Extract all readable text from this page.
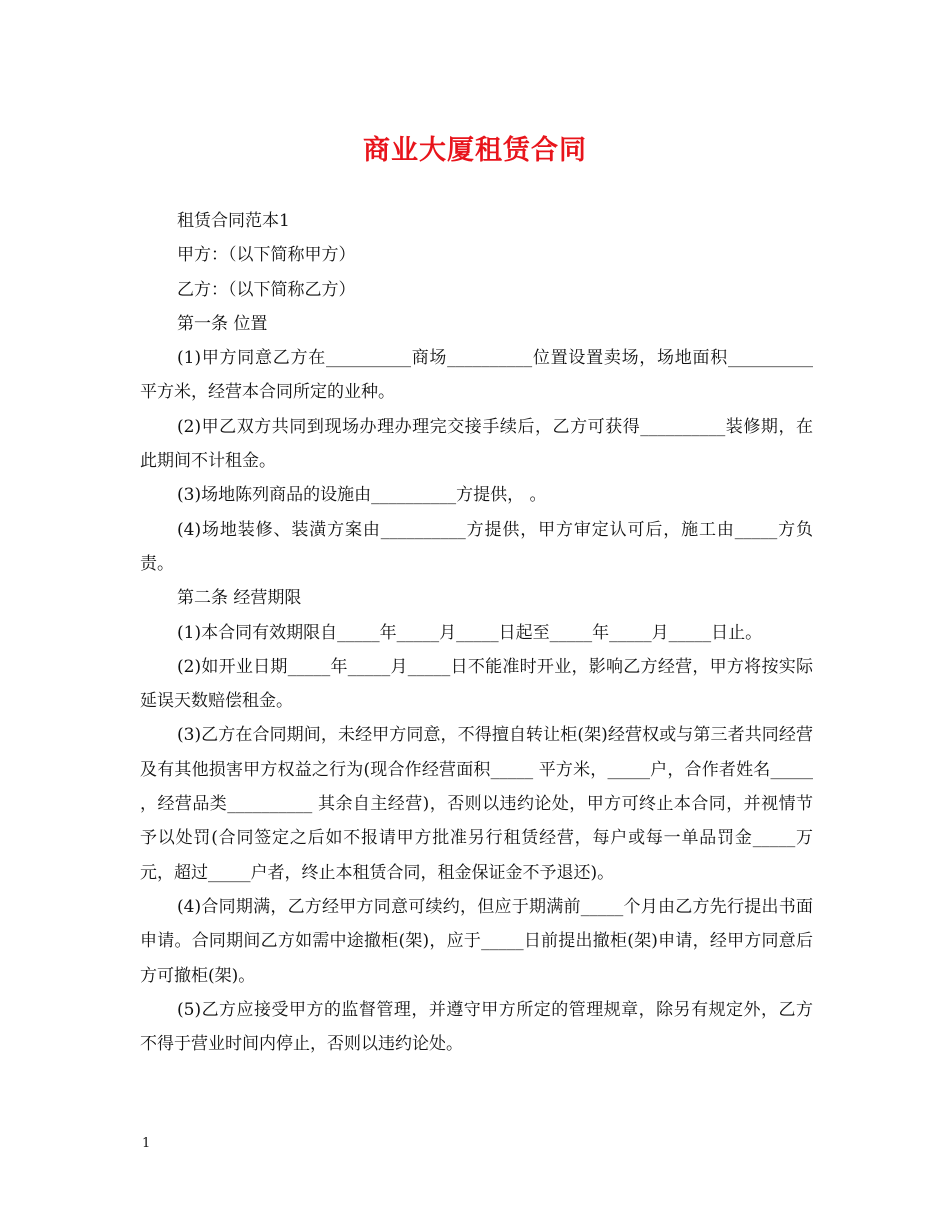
商业大厦租赁合同

租赁合同范本1

甲方：（以下简称甲方）

乙方：（以下简称乙方）

第一条 位置

(1)甲方同意乙方在__________商场__________位置设置卖场，场地面积__________平方米，经营本合同所定的业种。

(2)甲乙双方共同到现场办理办理完交接手续后，乙方可获得__________装修期，在此期间不计租金。

(3)场地陈列商品的设施由__________方提供， 。

(4)场地装修、装潢方案由__________方提供，甲方审定认可后，施工由_____方负责。

第二条 经营期限

(1)本合同有效期限自_____年_____月_____日起至_____年_____月_____日止。

(2)如开业日期_____年_____月_____日不能准时开业，影响乙方经营，甲方将按实际延误天数赔偿租金。

(3)乙方在合同期间，未经甲方同意，不得擅自转让柜(架)经营权或与第三者共同经营及有其他损害甲方权益之行为(现合作经营面积_____ 平方米，_____户，合作者姓名_____ ，经营品类__________ 其余自主经营)，否则以违约论处，甲方可终止本合同，并视情节予以处罚(合同签定之后如不报请甲方批准另行租赁经营，每户或每一单品罚金_____万元，超过_____户者，终止本租赁合同，租金保证金不予退还)。

(4)合同期满，乙方经甲方同意可续约，但应于期满前_____个月由乙方先行提出书面申请。合同期间乙方如需中途撤柜(架)，应于_____日前提出撤柜(架)申请，经甲方同意后方可撤柜(架)。

(5)乙方应接受甲方的监督管理，并遵守甲方所定的管理规章，除另有规定外，乙方不得于营业时间内停止，否则以违约论处。

1
